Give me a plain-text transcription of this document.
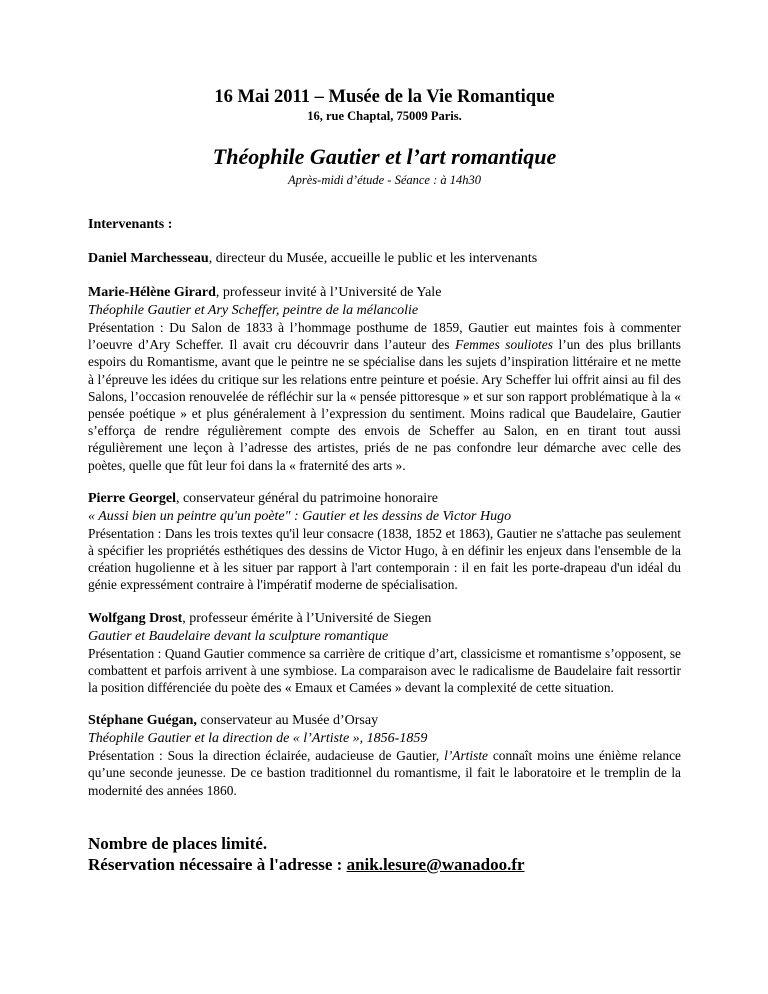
16 Mai 2011 – Musée de la Vie Romantique
16, rue Chaptal, 75009 Paris.
Théophile Gautier et l’art romantique
Après-midi d’étude - Séance : à 14h30
Intervenants :
Daniel Marchesseau, directeur du Musée, accueille le public et les intervenants
Marie-Hélène Girard, professeur invité à l’Université de Yale
Théophile Gautier et Ary Scheffer, peintre de la mélancolie
Présentation : Du Salon de 1833 à l’hommage posthume de 1859, Gautier eut maintes fois à commenter l’oeuvre d’Ary Scheffer. Il avait cru découvrir dans l’auteur des Femmes souliotes l’un des plus brillants espoirs du Romantisme, avant que le peintre ne se spécialise dans les sujets d’inspiration littéraire et ne mette à l’épreuve les idées du critique sur les relations entre peinture et poésie. Ary Scheffer lui offrit ainsi au fil des Salons, l’occasion renouvelée de réfléchir sur la « pensée pittoresque » et sur son rapport problématique à la « pensée poétique » et plus généralement à l’expression du sentiment. Moins radical que Baudelaire, Gautier s’efforça de rendre régulièrement compte des envois de Scheffer au Salon, en en tirant tout aussi régulièrement une leçon à l’adresse des artistes, priés de ne pas confondre leur démarche avec celle des poètes, quelle que fût leur foi dans la « fraternité des arts ».
Pierre Georgel, conservateur général du patrimoine honoraire
« Aussi bien un peintre qu'un poète" : Gautier et les dessins de Victor Hugo
Présentation : Dans les trois textes qu'il leur consacre (1838, 1852 et 1863), Gautier ne s'attache pas seulement à spécifier les propriétés esthétiques des dessins de Victor Hugo, à en définir les enjeux dans l'ensemble de la création hugolienne et à les situer par rapport à l'art contemporain : il en fait les porte-drapeau d'un idéal du génie expressément contraire à l'impératif moderne de spécialisation.
Wolfgang Drost, professeur émérite à l’Université de Siegen
Gautier et Baudelaire devant la sculpture romantique
Présentation : Quand Gautier commence sa carrière de critique d’art, classicisme et romantisme s’opposent, se combattent et parfois arrivent à une symbiose. La comparaison avec le radicalisme de Baudelaire fait ressortir la position différenciée du poète des « Emaux et Camées » devant la complexité de cette situation.
Stéphane Guégan, conservateur au Musée d’Orsay
Théophile Gautier et la direction de « l’Artiste », 1856-1859
Présentation : Sous la direction éclairée, audacieuse de Gautier, l’Artiste connaît moins une énième relance qu’une seconde jeunesse. De ce bastion traditionnel du romantisme, il fait le laboratoire et le tremplin de la modernité des années 1860.
Nombre de places limité.
Réservation nécessaire à l'adresse : anik.lesure@wanadoo.fr
